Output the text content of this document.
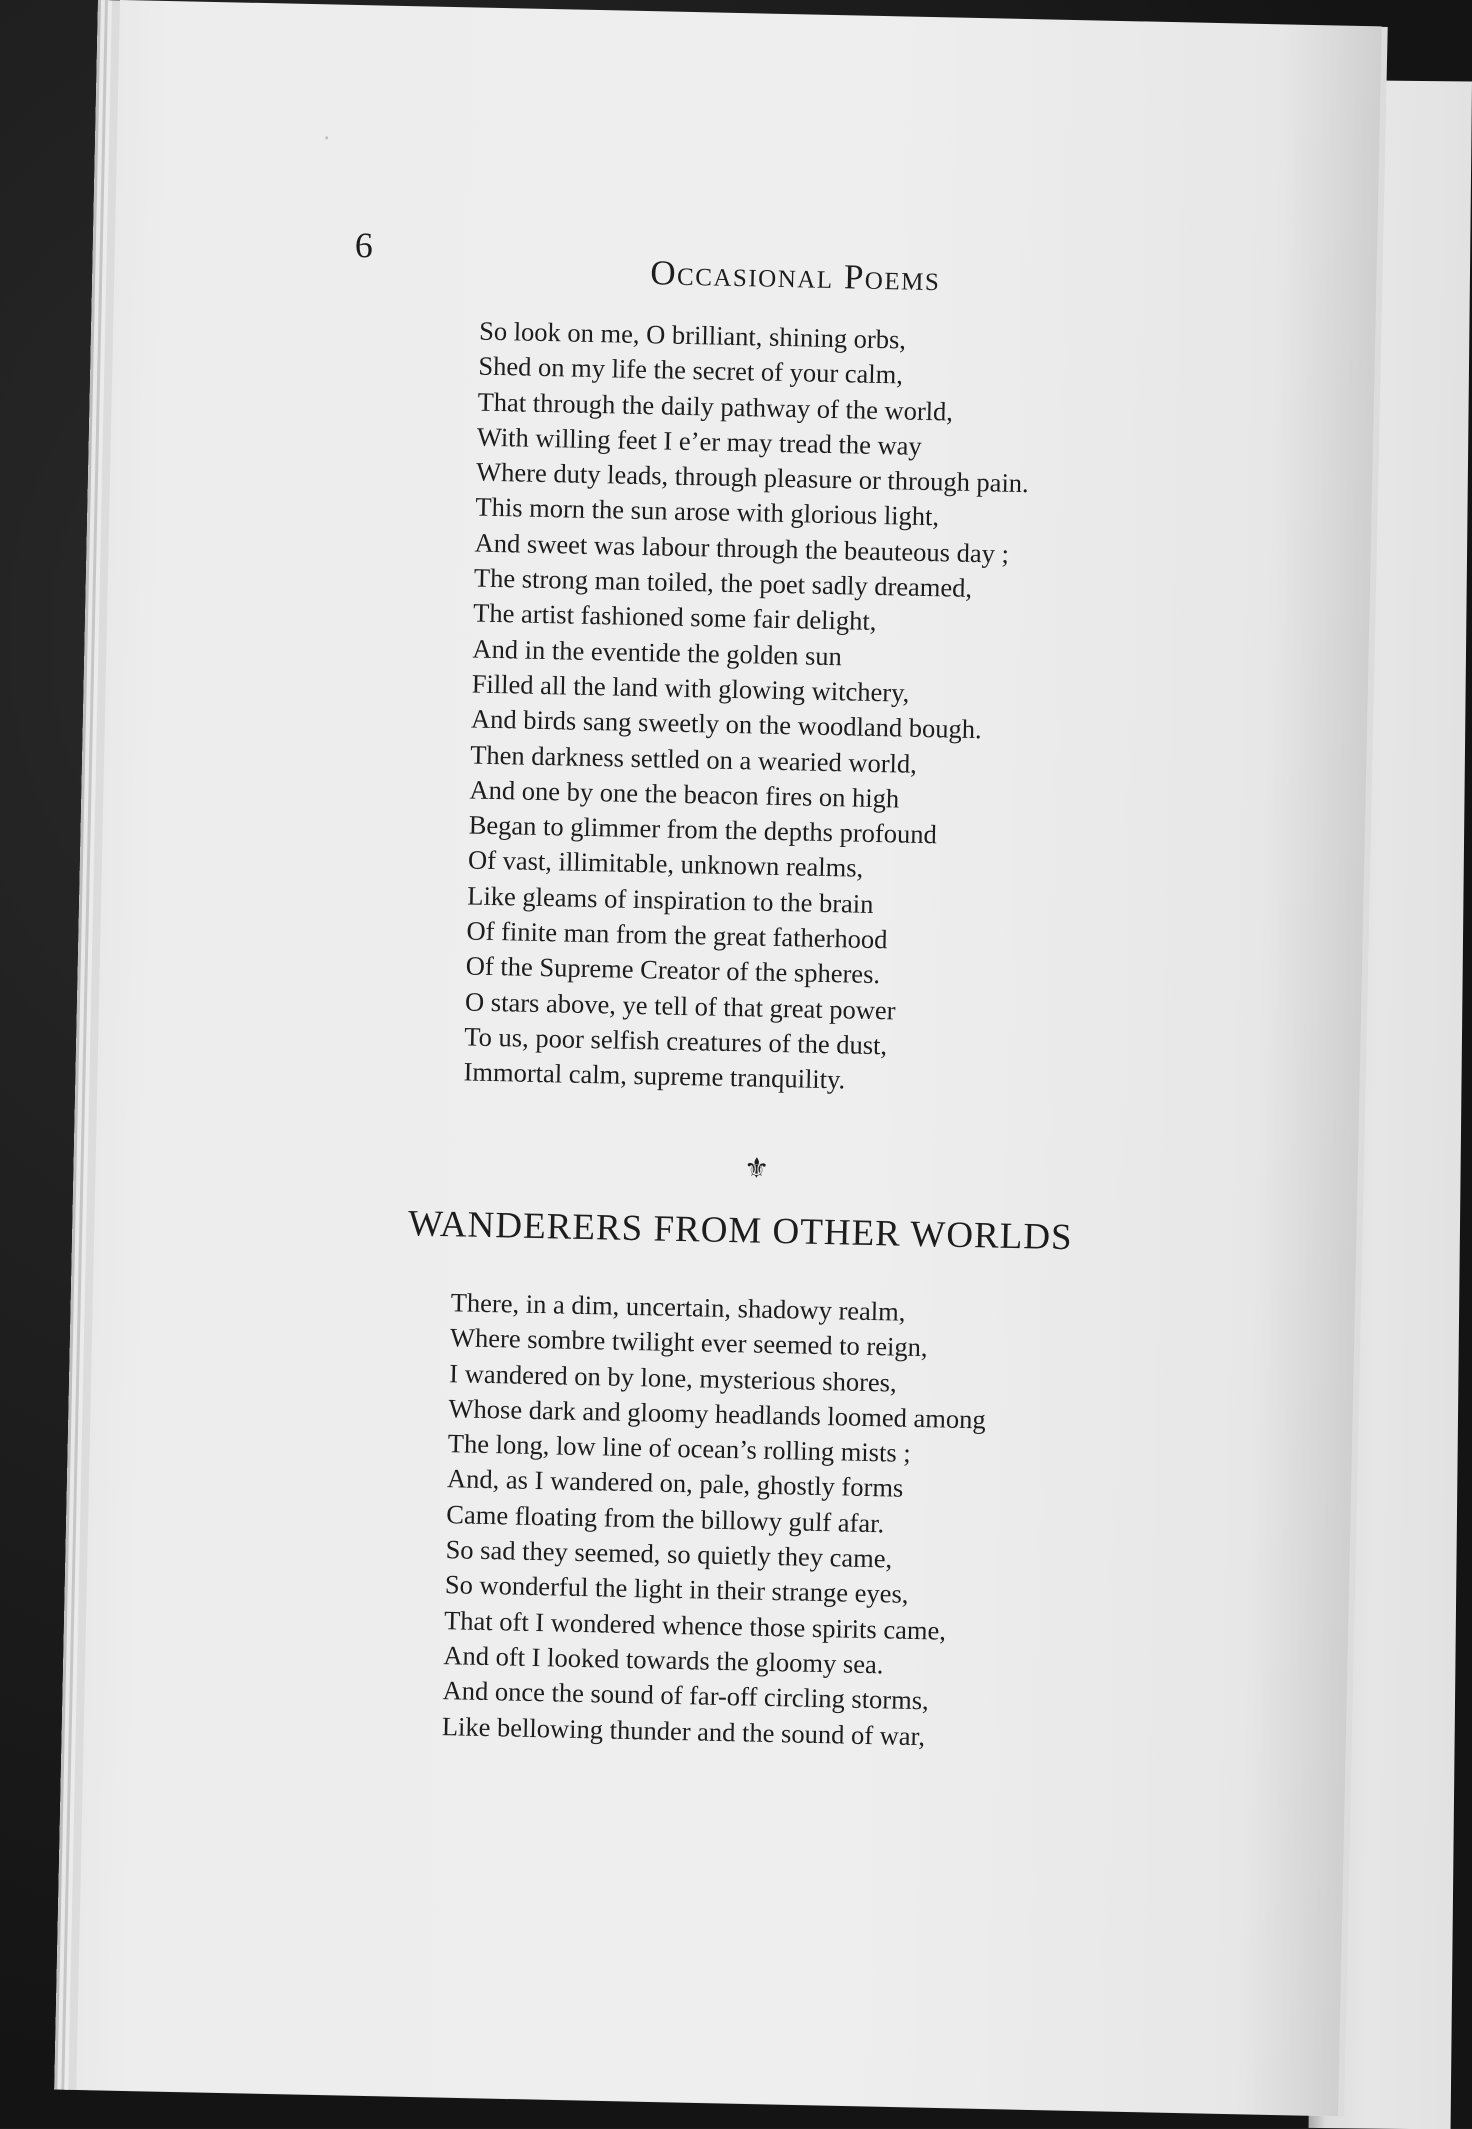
6
Occasional Poems
So look on me, O brilliant, shining orbs,
Shed on my life the secret of your calm,
That through the daily pathway of the world,
With willing feet I e’er may tread the way
Where duty leads, through pleasure or through pain.
This morn the sun arose with glorious light,
And sweet was labour through the beauteous day ;
The strong man toiled, the poet sadly dreamed,
The artist fashioned some fair delight,
And in the eventide the golden sun
Filled all the land with glowing witchery,
And birds sang sweetly on the woodland bough.
Then darkness settled on a wearied world,
And one by one the beacon fires on high
Began to glimmer from the depths profound
Of vast, illimitable, unknown realms,
Like gleams of inspiration to the brain
Of finite man from the great fatherhood
Of the Supreme Creator of the spheres.
O stars above, ye tell of that great power
To us, poor selfish creatures of the dust,
Immortal calm, supreme tranquility.
⚜
WANDERERS FROM OTHER WORLDS
There, in a dim, uncertain, shadowy realm,
Where sombre twilight ever seemed to reign,
I wandered on by lone, mysterious shores,
Whose dark and gloomy headlands loomed among
The long, low line of ocean’s rolling mists ;
And, as I wandered on, pale, ghostly forms
Came floating from the billowy gulf afar.
So sad they seemed, so quietly they came,
So wonderful the light in their strange eyes,
That oft I wondered whence those spirits came,
And oft I looked towards the gloomy sea.
And once the sound of far-off circling storms,
Like bellowing thunder and the sound of war,
